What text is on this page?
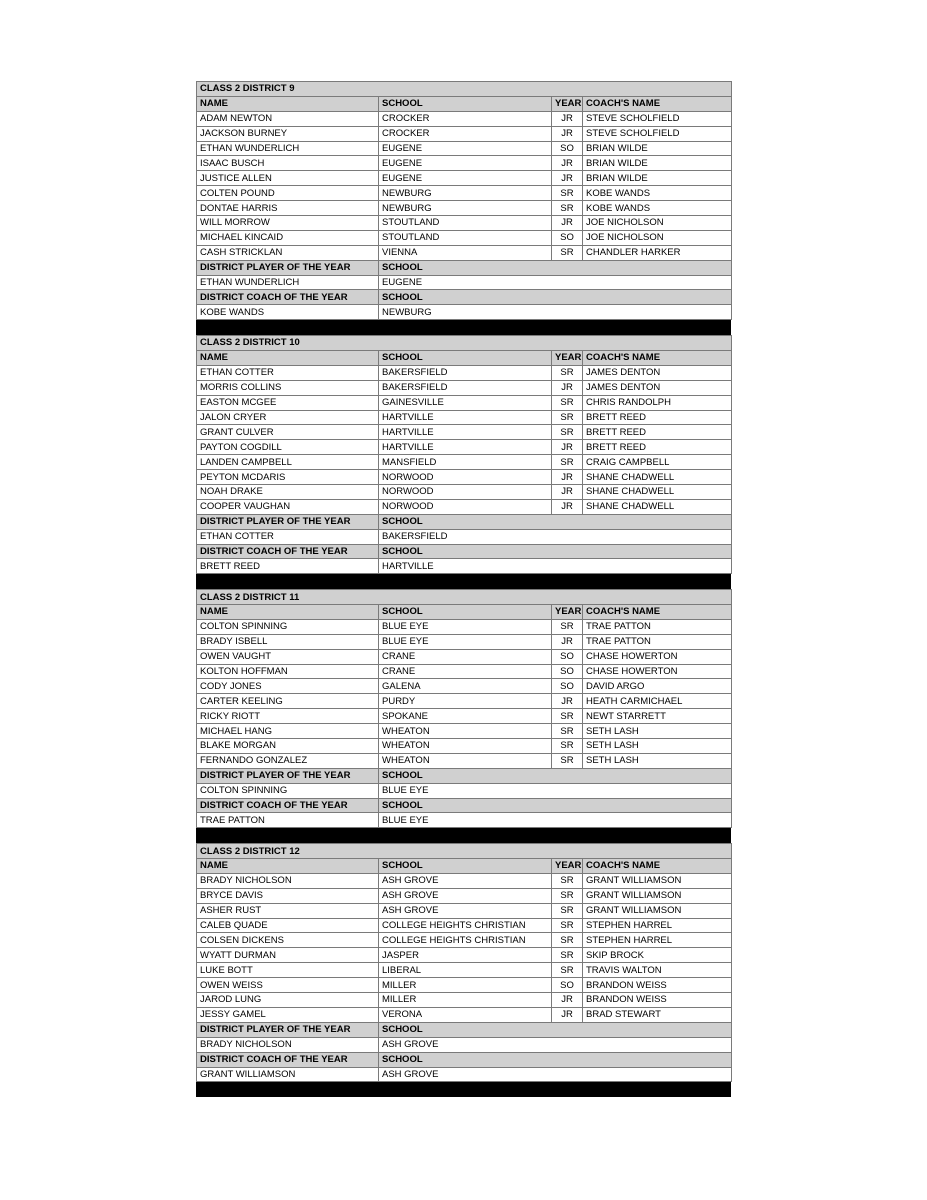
CLASS 2 DISTRICT 9			
NAME	SCHOOL	YEAR	COACH'S NAME
ADAM NEWTON	CROCKER	JR	STEVE SCHOLFIELD
JACKSON BURNEY	CROCKER	JR	STEVE SCHOLFIELD
ETHAN WUNDERLICH	EUGENE	SO	BRIAN WILDE
ISAAC BUSCH	EUGENE	JR	BRIAN WILDE
JUSTICE ALLEN	EUGENE	JR	BRIAN WILDE
COLTEN POUND	NEWBURG	SR	KOBE WANDS
DONTAE HARRIS	NEWBURG	SR	KOBE WANDS
WILL MORROW	STOUTLAND	JR	JOE NICHOLSON
MICHAEL KINCAID	STOUTLAND	SO	JOE NICHOLSON
CASH STRICKLAN	VIENNA	SR	CHANDLER HARKER
DISTRICT PLAYER OF THE YEAR	SCHOOL		
ETHAN WUNDERLICH	EUGENE		
DISTRICT COACH OF THE YEAR	SCHOOL		
KOBE WANDS	NEWBURG		
CLASS 2 DISTRICT 10			
NAME	SCHOOL	YEAR	COACH'S NAME
ETHAN COTTER	BAKERSFIELD	SR	JAMES DENTON
MORRIS COLLINS	BAKERSFIELD	JR	JAMES DENTON
EASTON MCGEE	GAINESVILLE	SR	CHRIS RANDOLPH
JALON CRYER	HARTVILLE	SR	BRETT REED
GRANT CULVER	HARTVILLE	SR	BRETT REED
PAYTON COGDILL	HARTVILLE	JR	BRETT REED
LANDEN CAMPBELL	MANSFIELD	SR	CRAIG CAMPBELL
PEYTON MCDARIS	NORWOOD	JR	SHANE CHADWELL
NOAH DRAKE	NORWOOD	JR	SHANE CHADWELL
COOPER VAUGHAN	NORWOOD	JR	SHANE CHADWELL
DISTRICT PLAYER OF THE YEAR	SCHOOL		
ETHAN COTTER	BAKERSFIELD		
DISTRICT COACH OF THE YEAR	SCHOOL		
BRETT REED	HARTVILLE		
CLASS 2 DISTRICT 11			
NAME	SCHOOL	YEAR	COACH'S NAME
COLTON SPINNING	BLUE EYE	SR	TRAE PATTON
BRADY ISBELL	BLUE EYE	JR	TRAE PATTON
OWEN VAUGHT	CRANE	SO	CHASE HOWERTON
KOLTON HOFFMAN	CRANE	SO	CHASE HOWERTON
CODY JONES	GALENA	SO	DAVID ARGO
CARTER KEELING	PURDY	JR	HEATH CARMICHAEL
RICKY RIOTT	SPOKANE	SR	NEWT STARRETT
MICHAEL HANG	WHEATON	SR	SETH LASH
BLAKE MORGAN	WHEATON	SR	SETH LASH
FERNANDO GONZALEZ	WHEATON	SR	SETH LASH
DISTRICT PLAYER OF THE YEAR	SCHOOL		
COLTON SPINNING	BLUE EYE		
DISTRICT COACH OF THE YEAR	SCHOOL		
TRAE PATTON	BLUE EYE		
CLASS 2 DISTRICT 12			
NAME	SCHOOL	YEAR	COACH'S NAME
BRADY NICHOLSON	ASH GROVE	SR	GRANT WILLIAMSON
BRYCE DAVIS	ASH GROVE	SR	GRANT WILLIAMSON
ASHER RUST	ASH GROVE	SR	GRANT WILLIAMSON
CALEB QUADE	COLLEGE HEIGHTS CHRISTIAN	SR	STEPHEN HARREL
COLSEN DICKENS	COLLEGE HEIGHTS CHRISTIAN	SR	STEPHEN HARREL
WYATT DURMAN	JASPER	SR	SKIP BROCK
LUKE BOTT	LIBERAL	SR	TRAVIS WALTON
OWEN WEISS	MILLER	SO	BRANDON WEISS
JAROD LUNG	MILLER	JR	BRANDON WEISS
JESSY GAMEL	VERONA	JR	BRAD STEWART
DISTRICT PLAYER OF THE YEAR	SCHOOL		
BRADY NICHOLSON	ASH GROVE		
DISTRICT COACH OF THE YEAR	SCHOOL		
GRANT WILLIAMSON	ASH GROVE		
